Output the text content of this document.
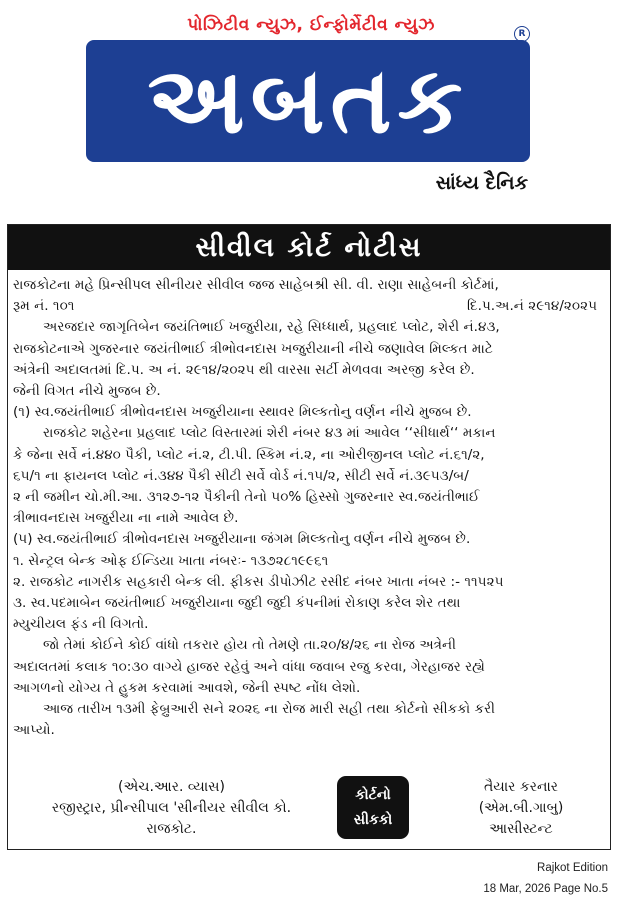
પોઝિટીવ ન્યુઝ, ઈન્ફોર્મેટીવ ન્યુઝ	R
અબતક
સાંધ્ય દૈનિક
સીવીલ કોર્ટ નોટીસ
રાજકોટના મહે પ્રિન્સીપલ સીનીયર સીવીલ જજ સાહેબશ્રી સી. વી. રાણા સાહેબની કોર્ટમાં,
રૂમ નં. ૧૦૧	દિ.પ.અ.નં ૨૯૧૪/૨૦૨૫
અરજદાર જાગૃતિબેન જયંતિભાઈ ખજુરીયા, રહે સિધ્ધાર્થ, પ્રહલાદ પ્લોટ, શેરી નં.૪૩,
રાજકોટનાએ ગુજરનાર જયંતીભાઈ ત્રીભોવનદાસ ખજુરીયાની નીચે જણાવેલ મિલ્કત માટે
અંત્રેની અદાલતમાં દિ.પ. અ નં. ૨૯૧૪/૨૦૨૫ થી વારસા સર્ટી મેળવવા અરજી કરેલ છે.
જેની વિગત નીચે મુજબ છે.
(૧) સ્વ.જયંતીભાઈ ત્રીભોવનદાસ ખજુરીયાના સ્થાવર મિલ્કતોનુ વર્ણન નીચે મુજબ છે.
રાજકોટ શહેરના પ્રહલાદ પ્લોટ વિસ્તારમાં શેરી નંબર ૪૩ માં આવેલ ‘‘સીધાર્થ‘‘ મકાન
કે જેના સર્વે નં.૪૪૦ પૈકી, પ્લોટ નં.૨, ટી.પી. સ્કિમ નં.૨, ના ઓરીજીનલ પ્લોટ નં.૬૧/૨,
૬૫/૧ ના ફાયનલ પ્લોટ નં.૩૪૪ પૈકી સીટી સર્વે વોર્ડ નં.૧૫/૨, સીટી સર્વે નં.૩૯૫૩/બ/
૨ ની જમીન ચો.મી.આ. ૩૧૨૭-૧૨ પૈકીની તેનો ૫૦% હિસ્સો ગુજરનાર સ્વ.જયંતીભાઈ
ત્રીભાવનદાસ ખજુરીયા ના નામે આવેલ છે.
(૫) સ્વ.જયંતીભાઈ ત્રીભોવનદાસ ખજુરીયાના જંગમ મિલ્કતોનુ વર્ણન નીચે મુજબ છે.
૧. સેન્ટ્રલ બેન્ક ઓફ ઈન્ડિયા ખાતા નંબરઃ- ૧૩૭૨૮૧૯૯૬૧
૨. રાજકોટ નાગરીક સહકારી બેન્ક લી. ફીકસ ડીપોઝીટ રસીદ નંબર ખાતા નંબર :- ૧૧૫૨૫
૩. સ્વ.પદમાબેન જયંતીભાઈ ખજુરીયાના જુદી જુદી કંપનીમાં રોકાણ કરેલ શેર તથા
મ્યુચીયલ ફંડ ની વિગતો.
જો તેમાં કોઈને કોઈ વાંધો તકરાર હોય તો તેમણે તા.૨૦/૪/૨૬ ના રોજ અત્રેની
અદાલતમાં કલાક ૧૦:૩૦ વાગ્યે હાજર રહેવું અને વાંધા જવાબ રજુ કરવા, ગેરહાજર રહ્યે
આગળનો યોગ્ય તે હુકમ કરવામાં આવશે, જેની સ્પષ્ટ નોંધ લેશો.
આજ તારીખ ૧૩મી ફેબ્રુઆરી સને ૨૦૨૬ ના રોજ મારી સહી તથા કોર્ટનો સીકકો કરી
આપ્યો.
(એચ.આર. વ્યાસ)
રજીસ્ટ્રાર, પ્રીન્સીપાલ 'સીનીયર સીવીલ કો.
રાજકોટ.
કોર્ટનો
સીકકો
તૈયાર કરનાર
(એમ.બી.ગાબુ)
આસીસ્ટન્ટ
Rajkot Edition
18 Mar, 2026 Page No.5
